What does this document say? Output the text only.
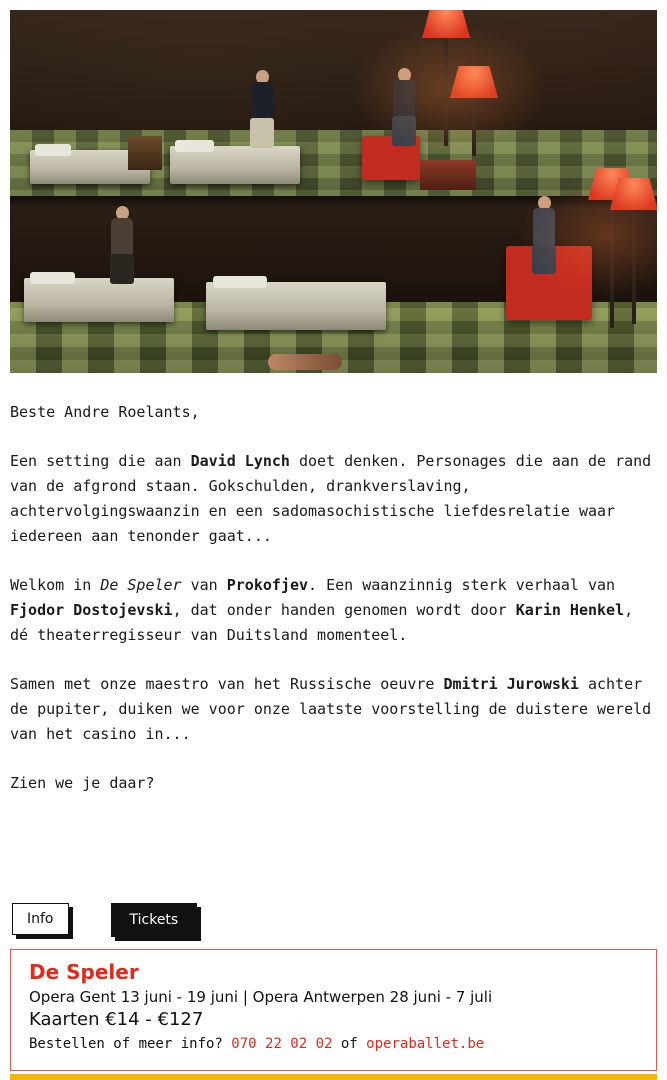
Beste Andre Roelants,

Een setting die aan David Lynch doet denken. Personages die aan de rand van de afgrond staan. Gokschulden, drankverslaving, achtervolgingswaanzin en een sadomasochistische liefdesrelatie waar iedereen aan tenonder gaat...

Welkom in De Speler van Prokofjev. Een waanzinnig sterk verhaal van Fjodor Dostojevski, dat onder handen genomen wordt door Karin Henkel, dé theaterregisseur van Duitsland momenteel.

Samen met onze maestro van het Russische oeuvre Dmitri Jurowski achter de pupiter, duiken we voor onze laatste voorstelling de duistere wereld van het casino in...

Zien we je daar?

Info	Tickets
De Speler
Opera Gent 13 juni - 19 juni | Opera Antwerpen 28 juni - 7 juli
Kaarten €14 - €127
Bestellen of meer info? 070 22 02 02 of operaballet.be
